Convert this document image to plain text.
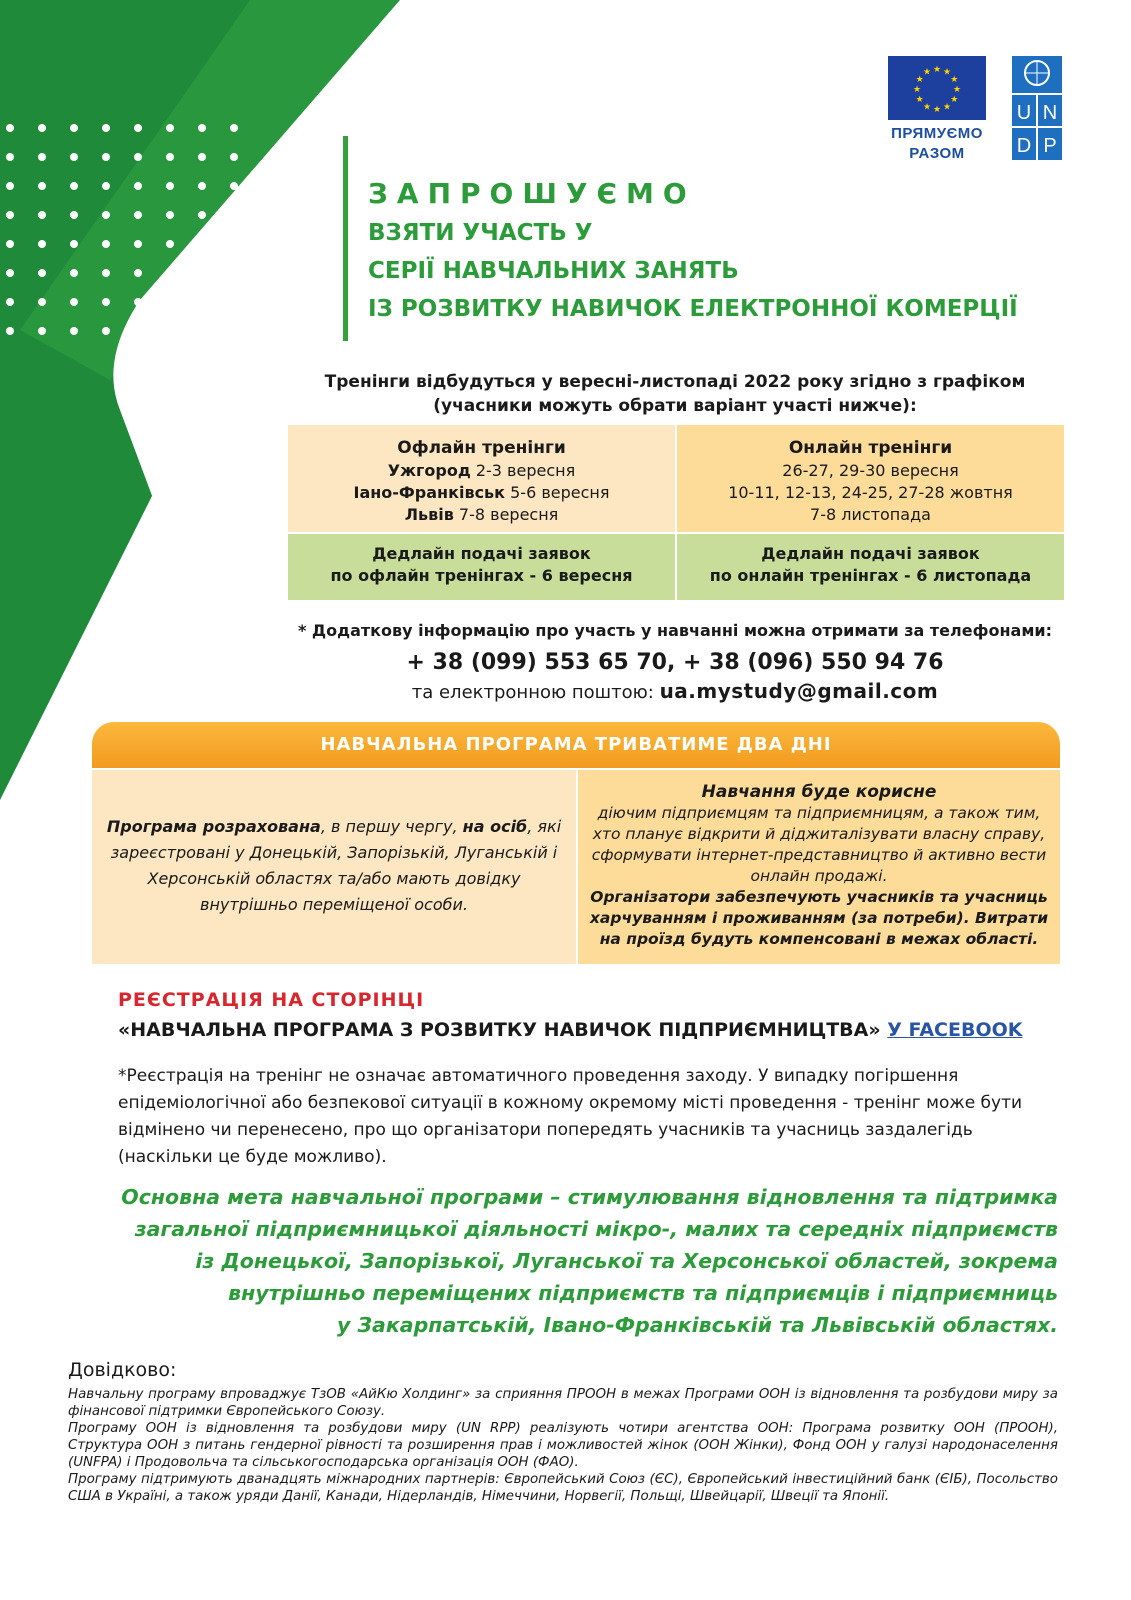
★ ★
★
★
★
★
★
★
★
★
★
★
ПРЯМУЄМО
РАЗОМ
U N
D P
ЗАПРОШУЄМО
ВЗЯТИ УЧАСТЬ У
СЕРІЇ НАВЧАЛЬНИХ ЗАНЯТЬ
ІЗ РОЗВИТКУ НАВИЧОК ЕЛЕКТРОННОЇ КОМЕРЦІЇ
Тренінги відбудуться у вересні-листопаді 2022 року згідно з графіком
(учасники можуть обрати варіант участі нижче):
Офлайн тренінги
Ужгород 2-3 вересня
Іано-Франківськ 5-6 вересня
Львів 7-8 вересня
Онлайн тренінги
26-27, 29-30 вересня
10-11, 12-13, 24-25, 27-28 жовтня
7-8 листопада
Дедлайн подачі заявок
по офлайн тренінгах - 6 вересня
Дедлайн подачі заявок
по онлайн тренінгах - 6 листопада
* Додаткову інформацію про участь у навчанні можна отримати за телефонами:
+ 38 (099) 553 65 70, + 38 (096) 550 94 76
та електронною поштою: ua.mystudy@gmail.com
НАВЧАЛЬНА ПРОГРАМА ТРИВАТИМЕ ДВА ДНІ
Програма розрахована, в першу чергу, на осіб, які зареєстровані у Донецькій, Запорізькій, Луганській і Херсонській областях та/або мають довідку внутрішньо переміщеної особи.
Навчання буде корисне
діючим підприємцям та підприємницям, а також тим, хто планує відкрити й діджиталізувати власну справу, сформувати інтернет-представництво й активно вести онлайн продажі.
Організатори забезпечують учасників та учасниць харчуванням і проживанням (за потреби). Витрати на проїзд будуть компенсовані в межах області.
РЕЄСТРАЦІЯ НА СТОРІНЦІ
«НАВЧАЛЬНА ПРОГРАМА З РОЗВИТКУ НАВИЧОК ПІДПРИЄМНИЦТВА» У FACEBOOK
*Реєстрація на тренінг не означає автоматичного проведення заходу. У випадку погіршення епідеміологічної або безпекової ситуації в кожному окремому місті проведення - тренінг може бути відмінено чи перенесено, про що організатори попередять учасників та учасниць заздалегідь (наскільки це буде можливо).
Основна мета навчальної програми – стимулювання відновлення та підтримка
загальної підприємницької діяльності мікро-, малих та середніх підприємств
із Донецької, Запорізької, Луганської та Херсонської областей, зокрема
внутрішньо переміщених підприємств та підприємців і підприємниць
у Закарпатській, Івано-Франківській та Львівській областях.
Довідково:

Навчальну програму впроваджує ТзОВ «АйКю Холдинг» за сприяння ПРООН в межах Програми ООН із відновлення та розбудови миру за фінансової підтримки Європейського Союзу.

Програму ООН із відновлення та розбудови миру (UN RPP) реалізують чотири агентства ООН: Програма розвитку ООН (ПРООН), Структура ООН з питань гендерної рівності та розширення прав і можливостей жінок (ООН Жінки), Фонд ООН у галузі народонаселення (UNFPA) і Продовольча та сільськогосподарська організація ООН (ФАО).

Програму підтримують дванадцять міжнародних партнерів: Європейський Союз (ЄС), Європейський інвестиційний банк (ЄІБ), Посольство США в Україні, а також уряди Данії, Канади, Нідерландів, Німеччини, Норвегії, Польщі, Швейцарії, Швеції та Японії.
